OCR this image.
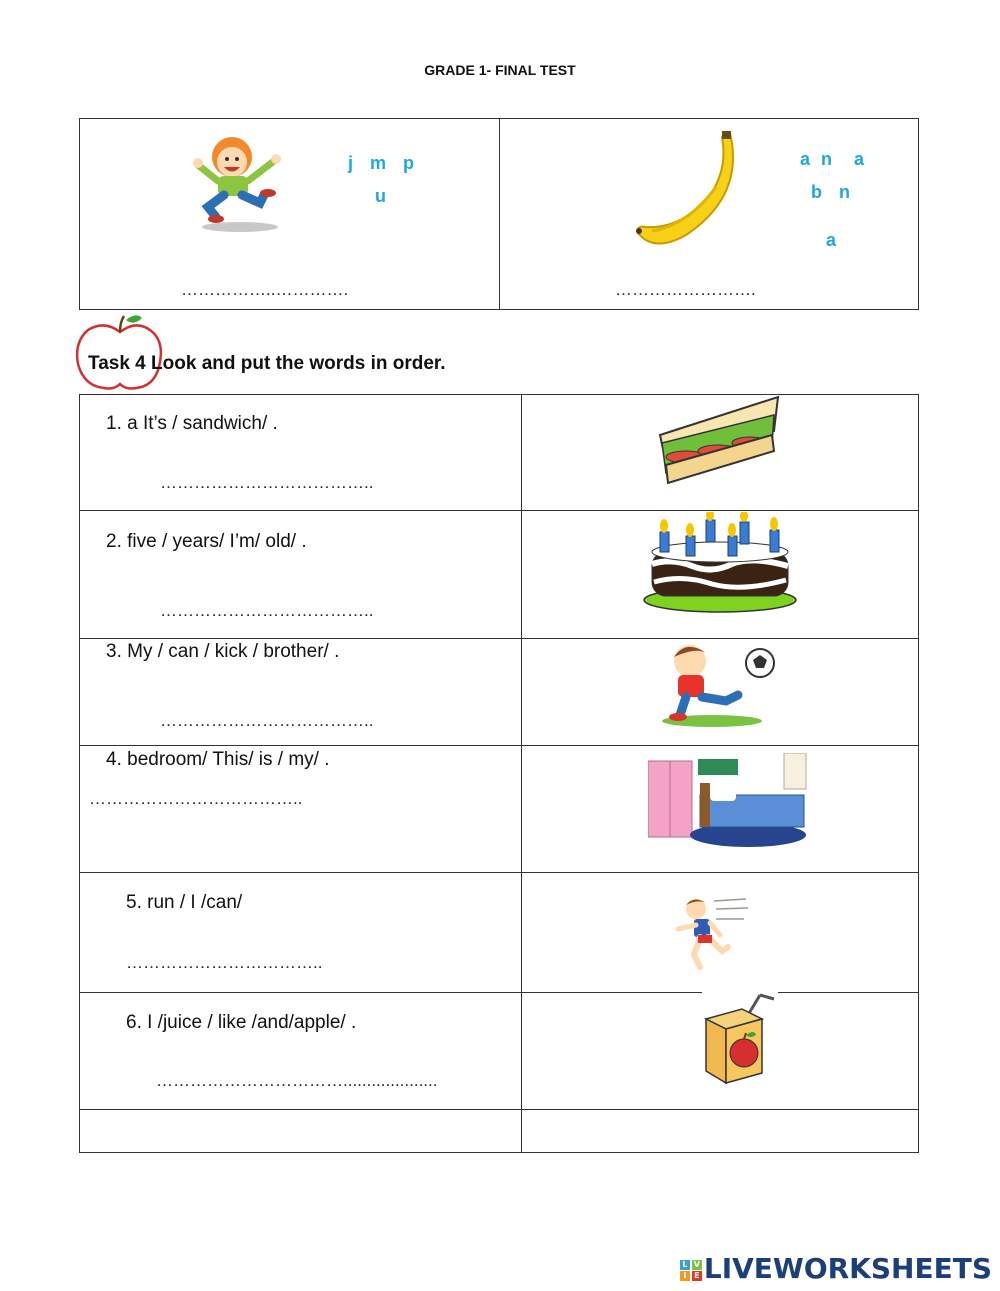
GRADE 1- FINAL TEST
j m p
u
……………..………….
a n a
b n
a
…………………….
Task 4 Look and put the words in order.
1. a It’s / sandwich/ .
………………………………..
2. five / years/ I’m/ old/ .
………………………………..
3. My / can / kick / brother/ .
………………………………..
4. bedroom/ This/ is / my/ .
………………………………..
5. run / I /can/
……………………………..
6. I /juice / like /and/apple/ .
……………………………....................
L
I
V
E LIVEWORKSHEETS
